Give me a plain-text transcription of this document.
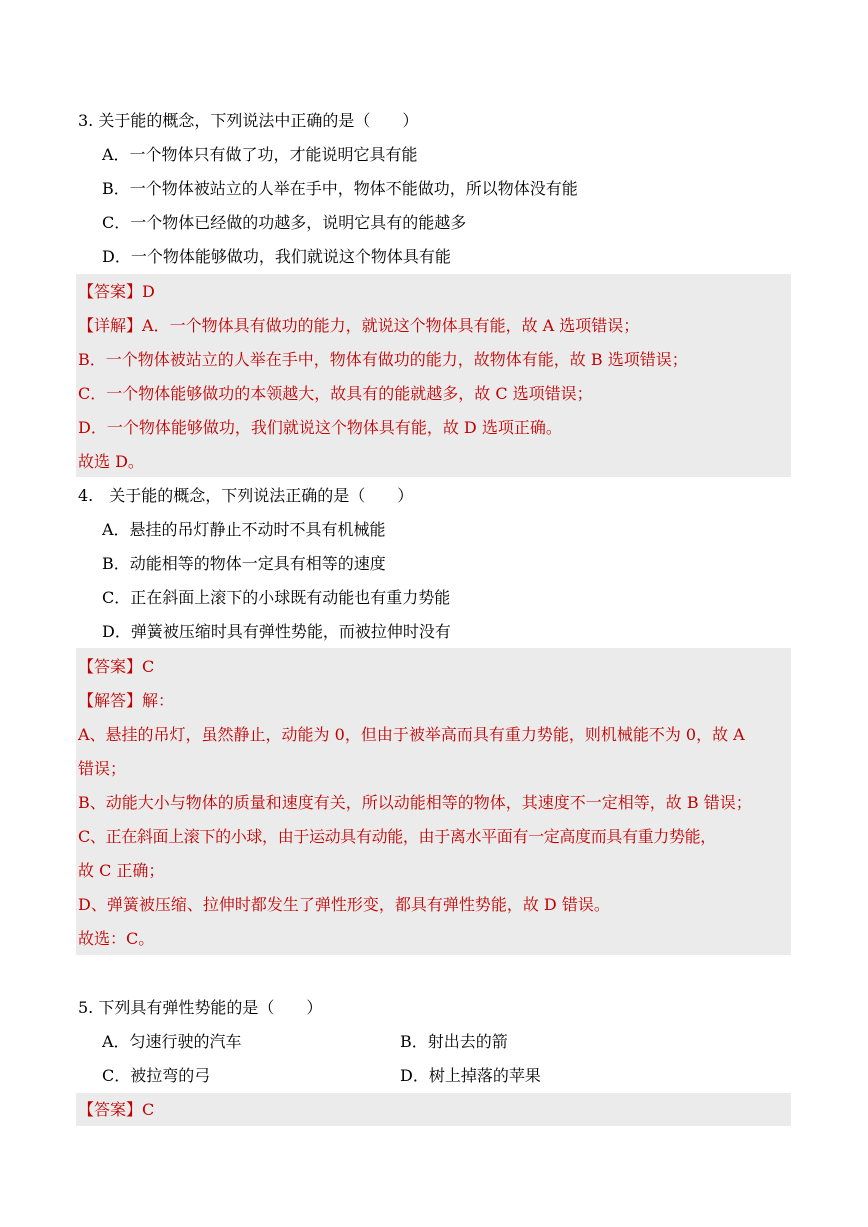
3. 关于能的概念，下列说法中正确的是（　　）
A．一个物体只有做了功，才能说明它具有能
B．一个物体被站立的人举在手中，物体不能做功，所以物体没有能
C．一个物体已经做的功越多，说明它具有的能越多
D．一个物体能够做功，我们就说这个物体具有能
【答案】D
【详解】A．一个物体具有做功的能力，就说这个物体具有能，故 A 选项错误；
B．一个物体被站立的人举在手中，物体有做功的能力，故物体有能，故 B 选项错误；
C．一个物体能够做功的本领越大，故具有的能就越多，故 C 选项错误；
D．一个物体能够做功，我们就说这个物体具有能，故 D 选项正确。
故选 D。
4.　关于能的概念，下列说法正确的是（　　）
A．悬挂的吊灯静止不动时不具有机械能
B．动能相等的物体一定具有相等的速度
C．正在斜面上滚下的小球既有动能也有重力势能
D．弹簧被压缩时具有弹性势能，而被拉伸时没有
【答案】C
【解答】解：
A、悬挂的吊灯，虽然静止，动能为 0，但由于被举高而具有重力势能，则机械能不为 0，故 A
错误；
B、动能大小与物体的质量和速度有关，所以动能相等的物体，其速度不一定相等，故 B 错误；
C、正在斜面上滚下的小球，由于运动具有动能，由于离水平面有一定高度而具有重力势能，
故 C 正确；
D、弹簧被压缩、拉伸时都发生了弹性形变，都具有弹性势能，故 D 错误。
故选：C。
5. 下列具有弹性势能的是（　　）
A．匀速行驶的汽车	B．射出去的箭
C．被拉弯的弓	D．树上掉落的苹果
【答案】C
